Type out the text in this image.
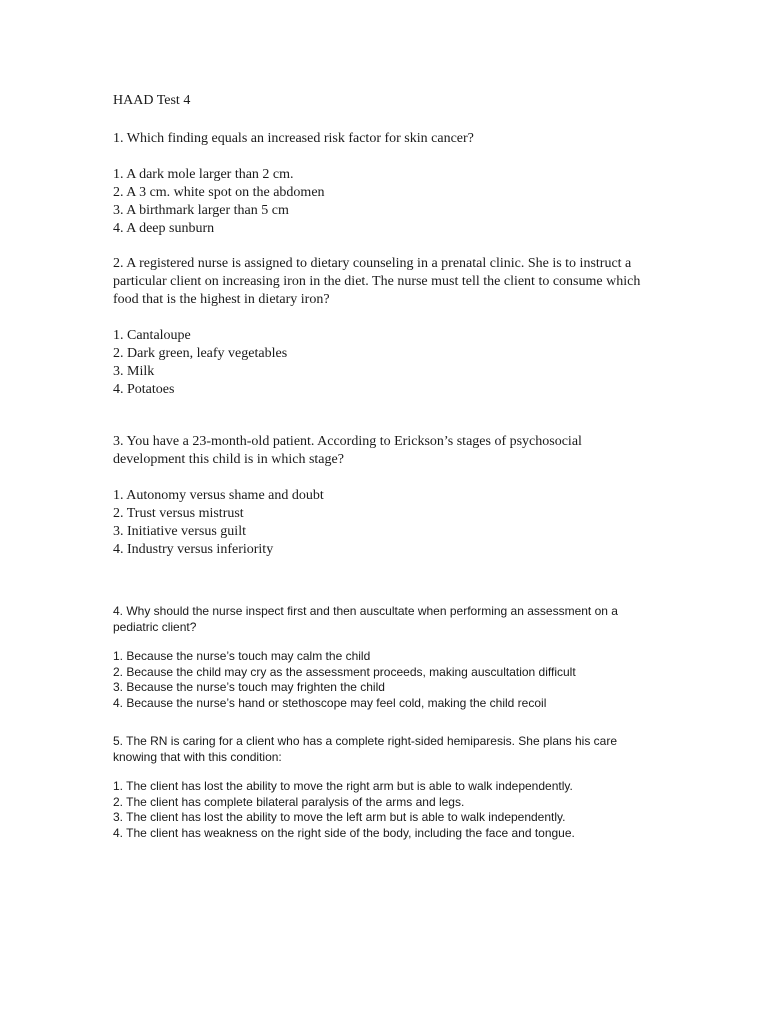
HAAD Test 4

1. Which finding equals an increased risk factor for skin cancer?

1. A dark mole larger than 2 cm.
2. A 3 cm. white spot on the abdomen
3. A birthmark larger than 5 cm
4. A deep sunburn

2. A registered nurse is assigned to dietary counseling in a prenatal clinic. She is to instruct a particular client on increasing iron in the diet. The nurse must tell the client to consume which food that is the highest in dietary iron?

1. Cantaloupe
2. Dark green, leafy vegetables
3. Milk
4. Potatoes

3. You have a 23-month-old patient. According to Erickson’s stages of psychosocial development this child is in which stage?

1. Autonomy versus shame and doubt
2. Trust versus mistrust
3. Initiative versus guilt
4. Industry versus inferiority

4. Why should the nurse inspect first and then auscultate when performing an assessment on a pediatric client?

1. Because the nurse’s touch may calm the child
2. Because the child may cry as the assessment proceeds, making auscultation difficult
3. Because the nurse’s touch may frighten the child
4. Because the nurse’s hand or stethoscope may feel cold, making the child recoil

5. The RN is caring for a client who has a complete right-sided hemiparesis. She plans his care knowing that with this condition:

1. The client has lost the ability to move the right arm but is able to walk independently.
2. The client has complete bilateral paralysis of the arms and legs.
3. The client has lost the ability to move the left arm but is able to walk independently.
4. The client has weakness on the right side of the body, including the face and tongue.
